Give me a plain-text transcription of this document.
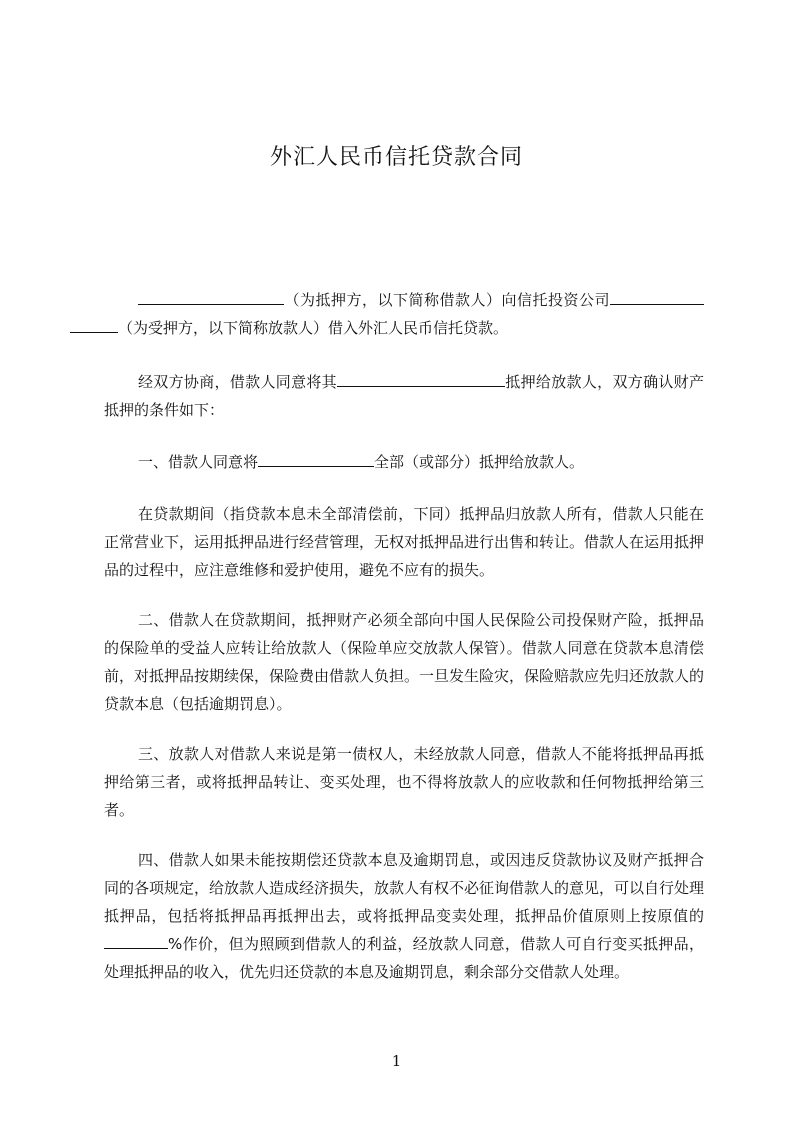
外汇人民币信托贷款合同

（为抵押方，以下简称借款人）向信托投资公司（为受押方，以下简称放款人）借入外汇人民币信托贷款。

经双方协商，借款人同意将其	抵押给放款人，双方确认财产抵押的条件如下：

一、借款人同意将	全部（或部分）抵押给放款人。

在贷款期间（指贷款本息未全部清偿前，下同）抵押品归放款人所有，借款人只能在正常营业下，运用抵押品进行经营管理，无权对抵押品进行出售和转让。借款人在运用抵押品的过程中，应注意维修和爱护使用，避免不应有的损失。

二、借款人在贷款期间，抵押财产必须全部向中国人民保险公司投保财产险，抵押品的保险单的受益人应转让给放款人（保险单应交放款人保管）。借款人同意在贷款本息清偿前，对抵押品按期续保，保险费由借款人负担。一旦发生险灾，保险赔款应先归还放款人的贷款本息（包括逾期罚息）。

三、放款人对借款人来说是第一债权人，未经放款人同意，借款人不能将抵押品再抵押给第三者，或将抵押品转让、变买处理，也不得将放款人的应收款和任何物抵押给第三者。

四、借款人如果未能按期偿还贷款本息及逾期罚息，或因违反贷款协议及财产抵押合同的各项规定，给放款人造成经济损失，放款人有权不必征询借款人的意见，可以自行处理抵押品，包括将抵押品再抵押出去，或将抵押品变卖处理，抵押品价值原则上按原值的%作价，但为照顾到借款人的利益，经放款人同意，借款人可自行变买抵押品，处理抵押品的收入，优先归还贷款的本息及逾期罚息，剩余部分交借款人处理。

1
